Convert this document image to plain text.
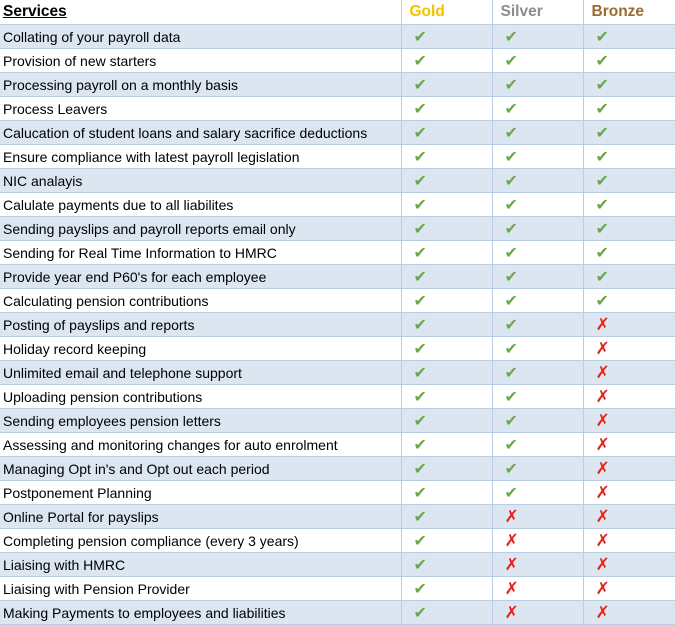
Services	Gold	Silver	Bronze
Collating of your payroll data	✔	✔	✔
Provision of new starters	✔	✔	✔
Processing payroll on a monthly basis	✔	✔	✔
Process Leavers	✔	✔	✔
Calucation of student loans and salary sacrifice deductions	✔	✔	✔
Ensure compliance with latest payroll legislation	✔	✔	✔
NIC analayis	✔	✔	✔
Calulate payments due to all liabilites	✔	✔	✔
Sending payslips and payroll reports email only	✔	✔	✔
Sending for Real Time Information to HMRC	✔	✔	✔
Provide year end P60's for each employee	✔	✔	✔
Calculating pension contributions	✔	✔	✔
Posting of payslips and reports	✔	✔	✗
Holiday record keeping	✔	✔	✗
Unlimited email and telephone support	✔	✔	✗
Uploading pension contributions	✔	✔	✗
Sending employees pension letters	✔	✔	✗
Assessing and monitoring changes for auto enrolment	✔	✔	✗
Managing Opt in's and Opt out each period	✔	✔	✗
Postponement Planning	✔	✔	✗
Online Portal for payslips	✔	✗	✗
Completing pension compliance (every 3 years)	✔	✗	✗
Liaising with HMRC	✔	✗	✗
Liaising with Pension Provider	✔	✗	✗
Making Payments to employees and liabilities	✔	✗	✗
